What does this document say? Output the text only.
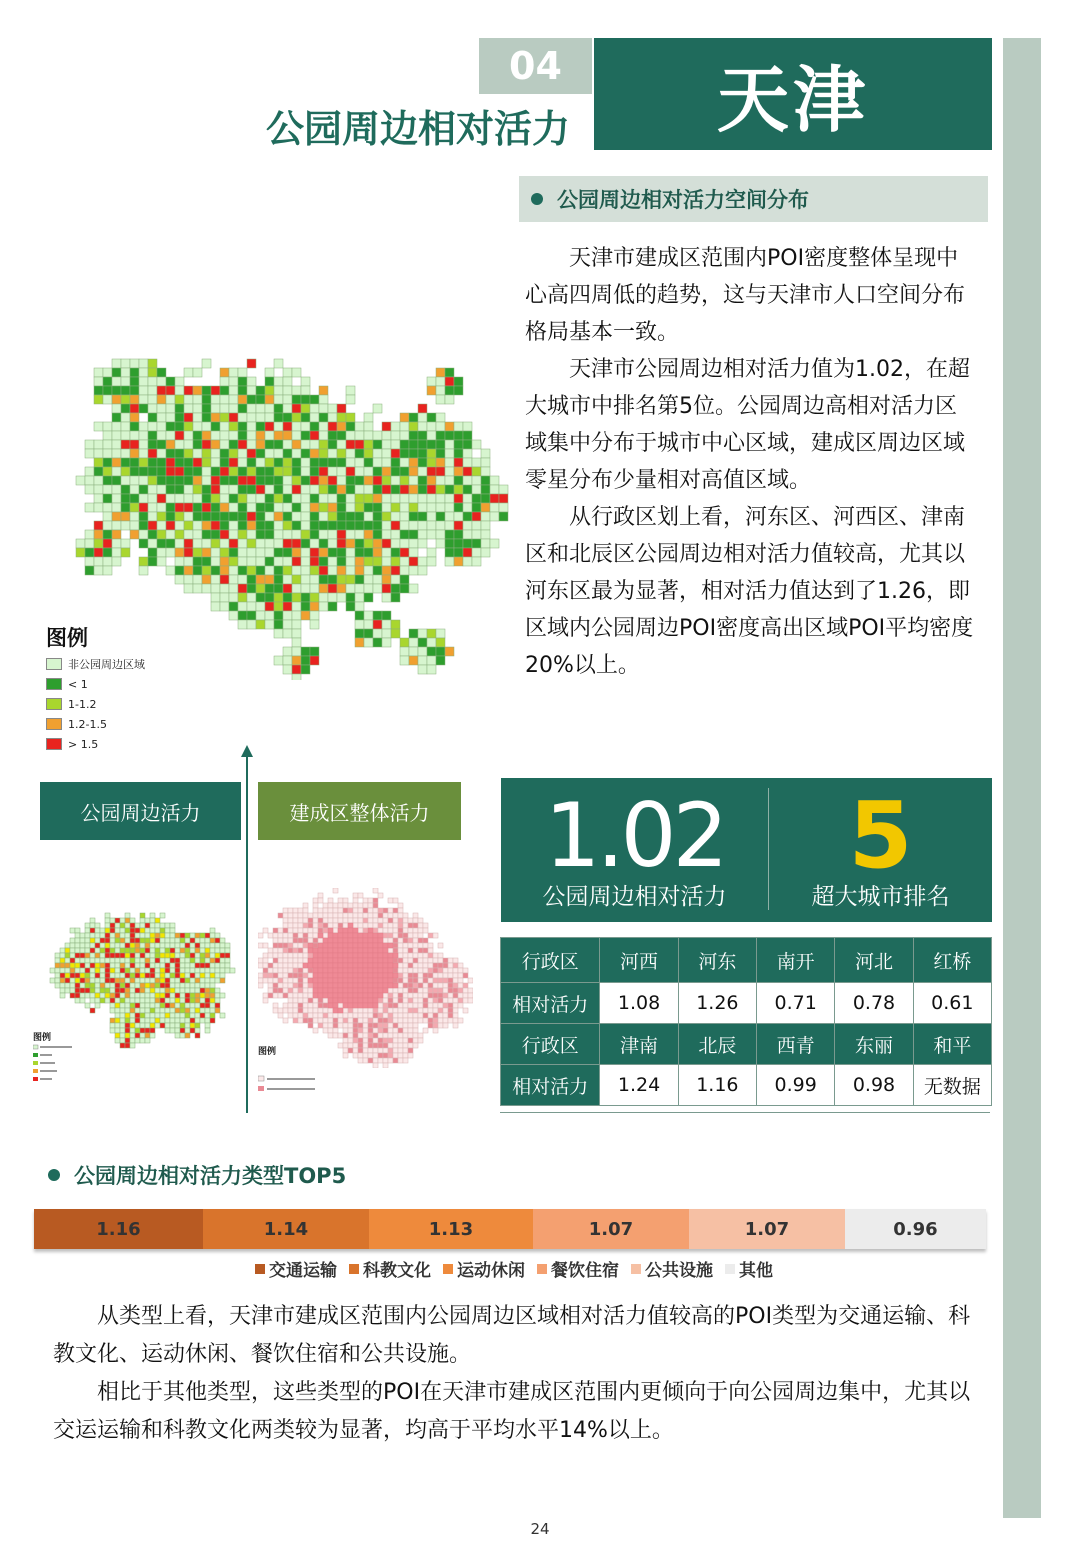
04	天津
公园周边相对活力
公园周边相对活力空间分布

天津市建成区范围内POI密度整体呈现中心高四周低的趋势，这与天津市人口空间分布格局基本一致。

天津市公园周边相对活力值为1.02，在超大城市中排名第5位。公园周边高相对活力区域集中分布于城市中心区域，建成区周边区域零星分布少量相对高值区域。

从行政区划上看，河东区、河西区、津南区和北辰区公园周边相对活力值较高，尤其以河东区最为显著，相对活力值达到了1.26，即区域内公园周边POI密度高出区域POI平均密度20%以上。

图例
非公园周边区域
< 1
1-1.2
1.2-1.5
> 1.5
公园周边活力	建成区整体活力
图例
图例
1.02
公园周边相对活力
5
超大城市排名
行政区	河西	河东	南开	河北	红桥
相对活力	1.08	1.26	0.71	0.78	0.61
行政区	津南	北辰	西青	东丽	和平
相对活力	1.24	1.16	0.99	0.98	无数据
公园周边相对活力类型TOP5
1.16	1.14	1.13	1.07	1.07	0.96
交通运输 科教文化 运动休闲 餐饮住宿 公共设施 其他

从类型上看，天津市建成区范围内公园周边区域相对活力值较高的POI类型为交通运输、科教文化、运动休闲、餐饮住宿和公共设施。

相比于其他类型，这些类型的POI在天津市建成区范围内更倾向于向公园周边集中，尤其以交运运输和科教文化两类较为显著，均高于平均水平14%以上。

24
